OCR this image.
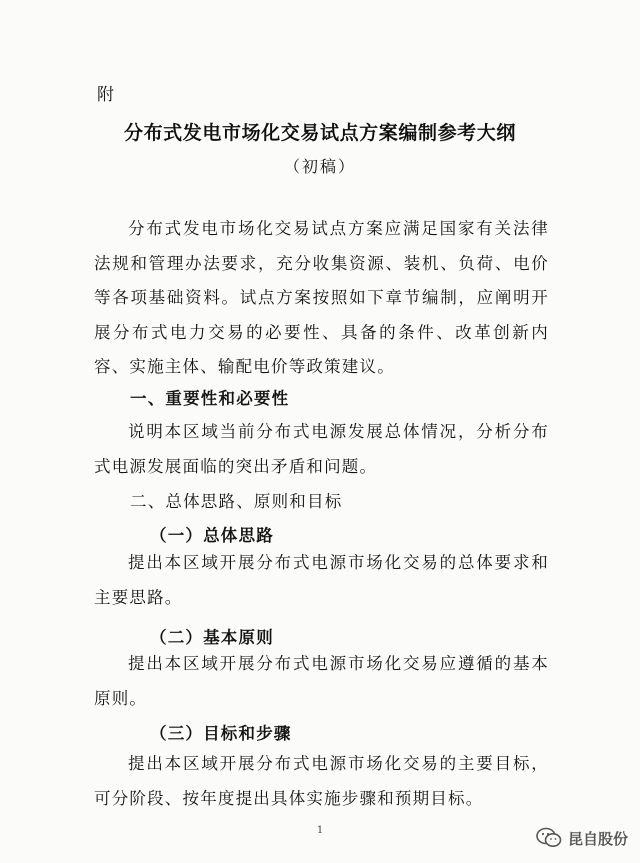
附
分布式发电市场化交易试点方案编制参考大纲
（初稿）

分布式发电市场化交易试点方案应满足国家有关法律法规和管理办法要求，充分收集资源、装机、负荷、电价等各项基础资料。试点方案按照如下章节编制，应阐明开展分布式电力交易的必要性、具备的条件、改革创新内容、实施主体、输配电价等政策建议。

一、重要性和必要性

说明本区域当前分布式电源发展总体情况，分析分布式电源发展面临的突出矛盾和问题。

二、总体思路、原则和目标

（一）总体思路

提出本区域开展分布式电源市场化交易的总体要求和主要思路。

（二）基本原则

提出本区域开展分布式电源市场化交易应遵循的基本原则。

（三）目标和步骤

提出本区域开展分布式电源市场化交易的主要目标，可分阶段、按年度提出具体实施步骤和预期目标。

1	昆自股份
